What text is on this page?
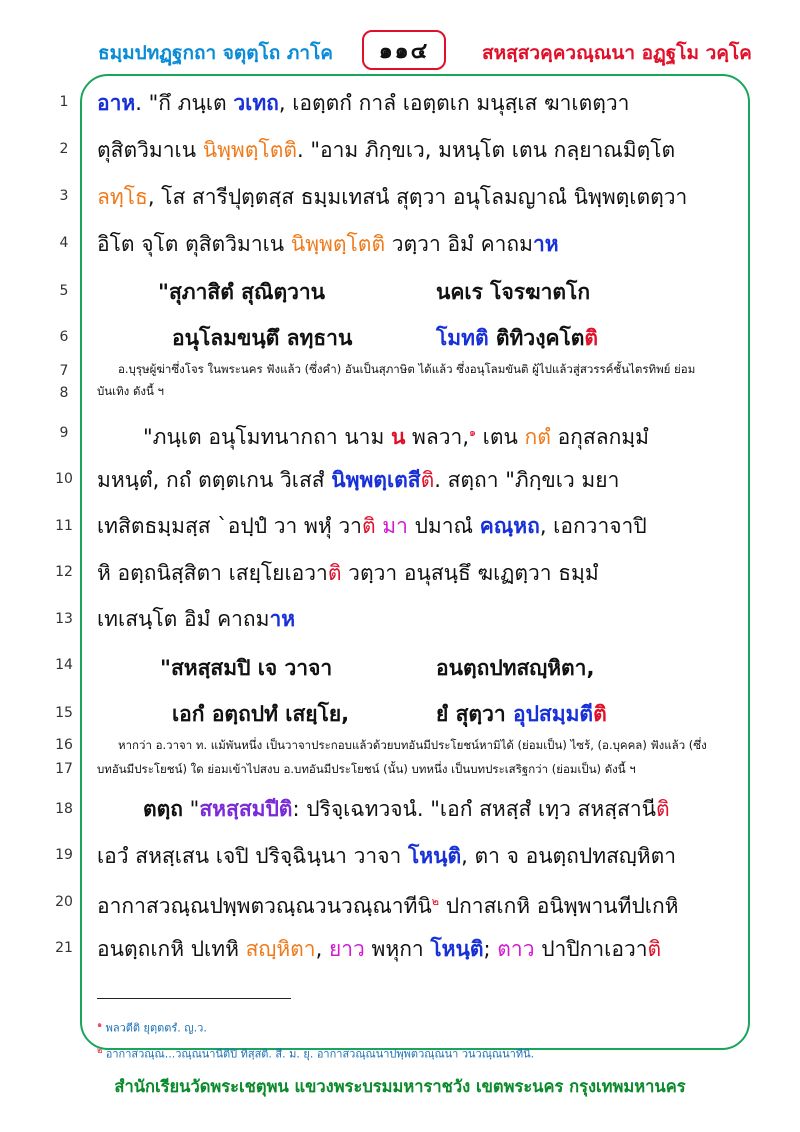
ธมฺมปทฏฺฐกถา จตุตฺโถ ภาโค	๑๑๔	สหสฺสวคฺควณฺณนา อฏฺฐโม วคฺโค
1
2
3
4
5
6
7
8
9
10
11
12
13
14
15
16
17
18
19
20
21
อาห. "กึ ภนฺเต วเทถ, เอตฺตกํ กาลํ เอตฺตเก มนุสฺเส ฆาเตตฺวา
ตุสิตวิมาเน นิพฺพตฺโตติ. "อาม ภิกฺขเว, มหนฺโต เตน กลฺยาณมิตฺโต
ลทฺโธ, โส สารีปุตฺตสฺส ธมฺมเทสนํ สุตฺวา อนุโลมญาณํ นิพฺพตฺเตตฺวา
อิโต จุโต ตุสิตวิมาเน นิพฺพตฺโตติ วตฺวา อิมํ คาถมาห
"สุภาสิตํ สุณิตฺวาน	นคเร โจรฆาตโก
อนุโลมขนฺตึ ลทฺธาน	โมทติ ติทิวงฺคโตติ
อ.บุรุษผู้ฆ่าซึ่งโจร ในพระนคร ฟังแล้ว (ซึ่งคำ) อันเป็นสุภาษิต ได้แล้ว ซึ่งอนุโลมขันติ ผู้ไปแล้วสู่สวรรค์ชั้นไตรทิพย์ ย่อม
บันเทิง ดังนี้ ฯ
"ภนฺเต อนุโมทนากถา นาม น พลวา,$^๑$ เตน กตํ อกุสลกมฺมํ
มหนฺตํ, กถํ ตตฺตเกน วิเสสํ นิพฺพตฺเตสีติ. สตฺถา "ภิกฺขเว มยา
เทสิตธมฺมสฺส `อปฺปํ วา พหุํ วาติ มา ปมาณํ คณฺหถ, เอกวาจาปิ
หิ อตฺถนิสฺสิตา เสยฺโยเอวาติ วตฺวา อนุสนฺธึ ฆเฏตฺวา ธมฺมํ
เทเสนฺโต อิมํ คาถมาห
"สหสฺสมปิ เจ วาจา	อนตฺถปทสญฺหิตา,
เอกํ อตฺถปทํ เสยฺโย,	ยํ สุตฺวา อุปสมฺมตีติ
หากว่า อ.วาจา ท. แม้พันหนึ่ง เป็นวาจาประกอบแล้วด้วยบทอันมีประโยชน์หามิได้ (ย่อมเป็น) ไซร้, (อ.บุคคล) ฟังแล้ว (ซึ่ง
บทอันมีประโยชน์) ใด ย่อมเข้าไปสงบ อ.บทอันมีประโยชน์ (นั้น) บทหนึ่ง เป็นบทประเสริฐกว่า (ย่อมเป็น) ดังนี้ ฯ
ตตฺถ "สหสฺสมปีติ: ปริจฺเฉทวจนํ. "เอกํ สหสฺสํ เทฺว สหสฺสานีติ
เอวํ สหสฺเสน เจปิ ปริจฺฉินฺนา วาจา โหนฺติ, ตา จ อนตฺถปทสญฺหิตา
อากาสวณฺณปพฺพตวณฺณวนวณฺณาทีนิ$^๒$ ปกาสเกหิ อนิพฺพานทีปเกหิ
อนตฺถเกหิ ปเทหิ สญฺหิตา, ยาว พหุกา โหนฺติ; ตาว ปาปิกาเอวาติ
$^๑$ พลวตีติ ยุตฺตตรํ. ญ.ว.
$^๒$ อากาสวณฺณ...วณฺณนานีติปิ ทิสฺสติ. สี. ม. ยุ. อากาสวณฺณนาปพฺพตวณฺณนา วนวณฺณนาทีนิ.
สำนักเรียนวัดพระเชตุพน แขวงพระบรมมหาราชวัง เขตพระนคร กรุงเทพมหานคร
